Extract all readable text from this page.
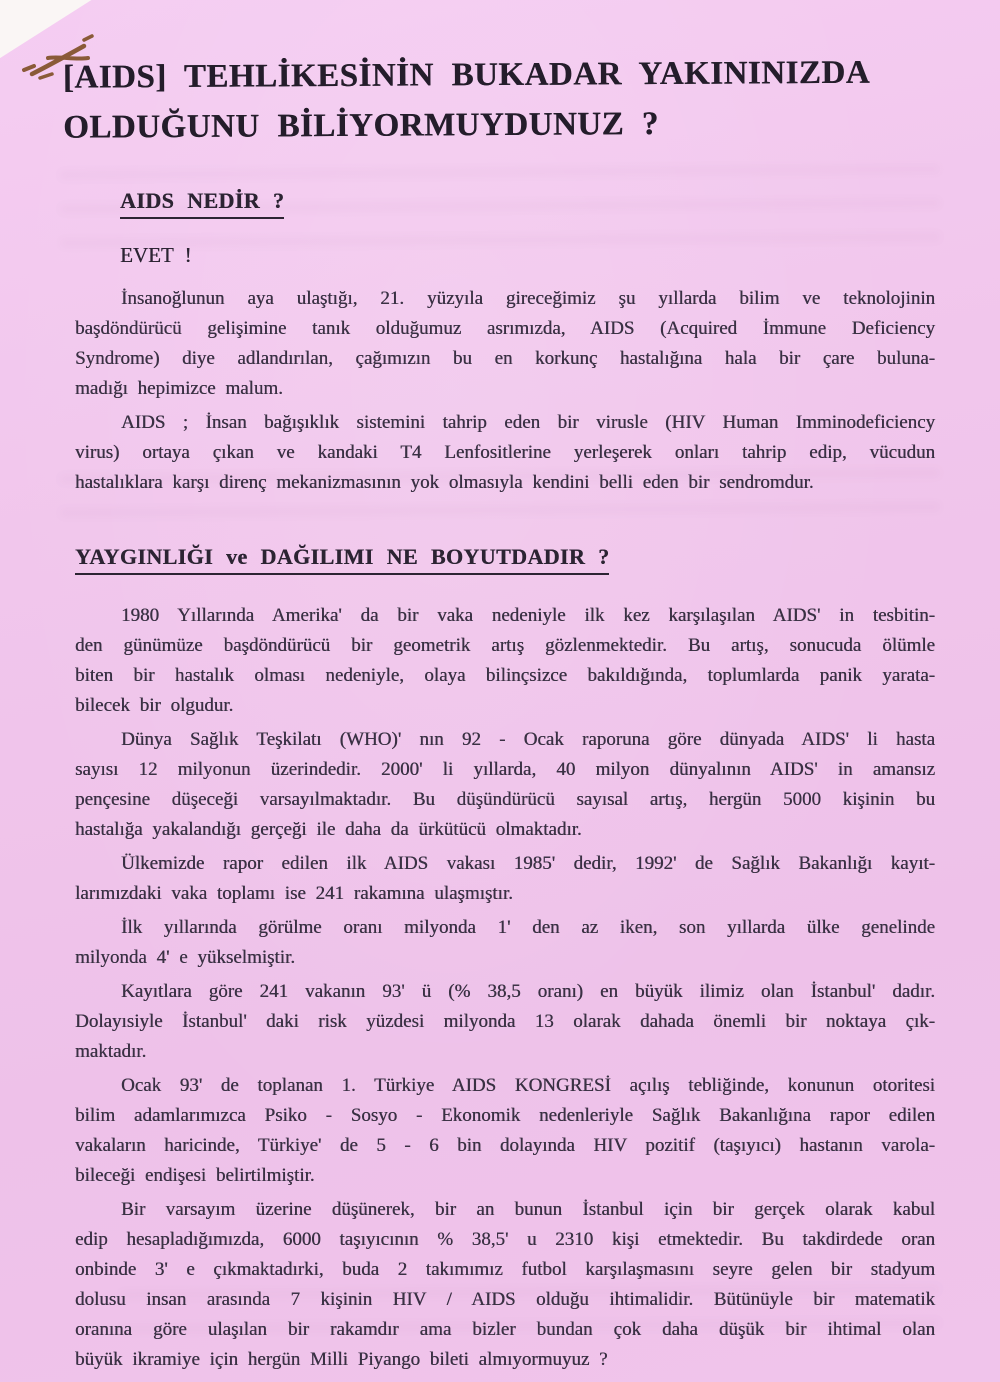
[AIDS] TEHLİKESİNİN BUKADAR YAKININIZDA
OLDUĞUNU BİLİYORMUYDUNUZ ?
AIDS NEDİR ?
EVET !
İnsanoğlunun aya ulaştığı, 21. yüzyıla gireceğimiz şu yıllarda bilim ve teknolojinin
başdöndürücü gelişimine tanık olduğumuz asrımızda, AIDS (Acquired İmmune Deficiency
Syndrome) diye adlandırılan, çağımızın bu en korkunç hastalığına hala bir çare buluna-
madığı hepimizce malum.
AIDS ; İnsan bağışıklık sistemini tahrip eden bir virusle (HIV Human Imminodeficiency
virus) ortaya çıkan ve kandaki T4 Lenfositlerine yerleşerek onları tahrip edip, vücudun
hastalıklara karşı direnç mekanizmasının yok olmasıyla kendini belli eden bir sendromdur.
YAYGINLIĞI ve DAĞILIMI NE BOYUTDADIR ?
1980 Yıllarında Amerika' da bir vaka nedeniyle ilk kez karşılaşılan AIDS' in tesbitin-
den günümüze başdöndürücü bir geometrik artış gözlenmektedir. Bu artış, sonucuda ölümle
biten bir hastalık olması nedeniyle, olaya bilinçsizce bakıldığında, toplumlarda panik yarata-
bilecek bir olgudur.
Dünya Sağlık Teşkilatı (WHO)' nın 92 - Ocak raporuna göre dünyada AIDS' li hasta
sayısı 12 milyonun üzerindedir. 2000' li yıllarda, 40 milyon dünyalının AIDS' in amansız
pençesine düşeceği varsayılmaktadır. Bu düşündürücü sayısal artış, hergün 5000 kişinin bu
hastalığa yakalandığı gerçeği ile daha da ürkütücü olmaktadır.
Ülkemizde rapor edilen ilk AIDS vakası 1985' dedir, 1992' de Sağlık Bakanlığı kayıt-
larımızdaki vaka toplamı ise 241 rakamına ulaşmıştır.
İlk yıllarında görülme oranı milyonda 1' den az iken, son yıllarda ülke genelinde
milyonda 4' e yükselmiştir.
Kayıtlara göre 241 vakanın 93' ü (% 38,5 oranı) en büyük ilimiz olan İstanbul' dadır.
Dolayısiyle İstanbul' daki risk yüzdesi milyonda 13 olarak dahada önemli bir noktaya çık-
maktadır.
Ocak 93' de toplanan 1. Türkiye AIDS KONGRESİ açılış tebliğinde, konunun otoritesi
bilim adamlarımızca Psiko - Sosyo - Ekonomik nedenleriyle Sağlık Bakanlığına rapor edilen
vakaların haricinde, Türkiye' de 5 - 6 bin dolayında HIV pozitif (taşıyıcı) hastanın varola-
bileceği endişesi belirtilmiştir.
Bir varsayım üzerine düşünerek, bir an bunun İstanbul için bir gerçek olarak kabul
edip hesapladığımızda, 6000 taşıyıcının % 38,5' u 2310 kişi etmektedir. Bu takdirdede oran
onbinde 3' e çıkmaktadırki, buda 2 takımımız futbol karşılaşmasını seyre gelen bir stadyum
dolusu insan arasında 7 kişinin HIV / AIDS olduğu ihtimalidir. Bütünüyle bir matematik
oranına göre ulaşılan bir rakamdır ama bizler bundan çok daha düşük bir ihtimal olan
büyük ikramiye için hergün Milli Piyango bileti almıyormuyuz ?
